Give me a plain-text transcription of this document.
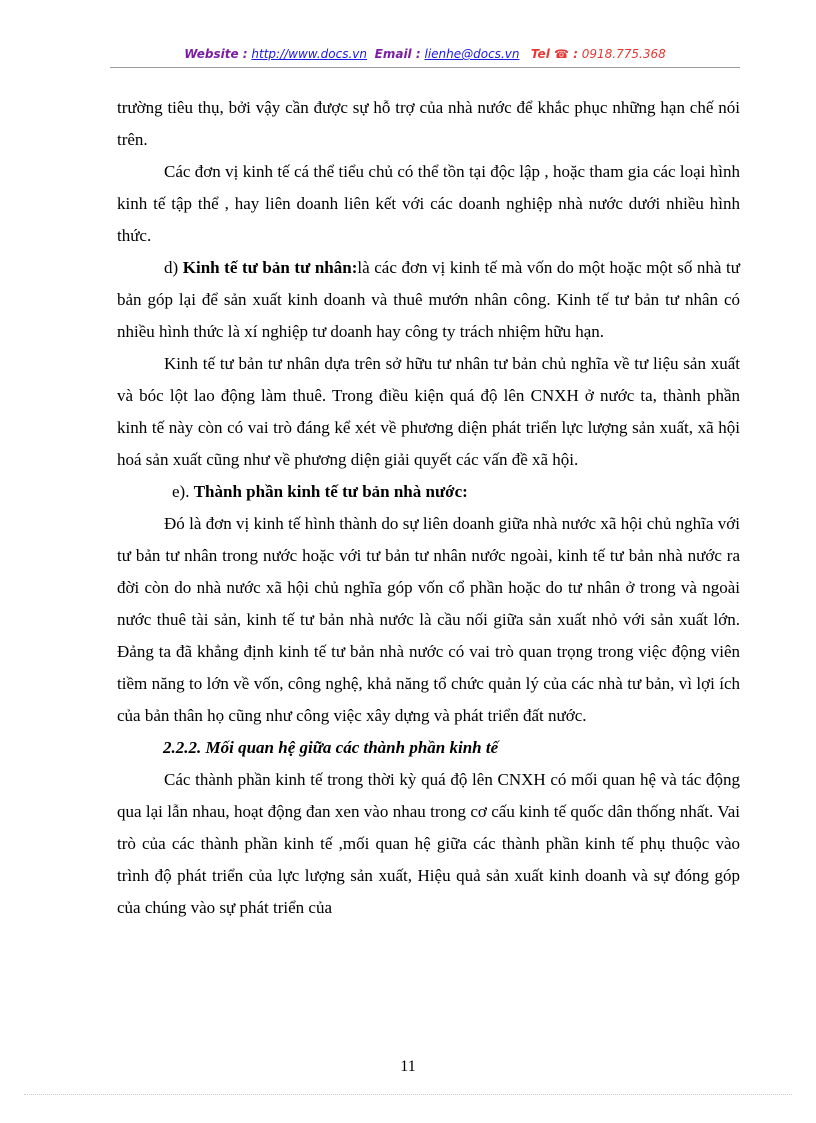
Website : http://www.docs.vn Email : lienhe@docs.vn Tel ☎ : 0918.775.368

trường tiêu thụ, bởi vậy cần được sự hỗ trợ của nhà nước để khắc phục những hạn chế nói trên.

Các đơn vị kinh tế cá thể tiểu chủ có thể tồn tại độc lập , hoặc tham gia các loại hình kinh tế tập thể , hay liên doanh liên kết với các doanh nghiệp nhà nước dưới nhiều hình thức.

d) Kinh tế tư bản tư nhân:là các đơn vị kinh tế mà vốn do một hoặc một số nhà tư bản góp lại để sản xuất kinh doanh và thuê mướn nhân công. Kinh tế tư bản tư nhân có nhiều hình thức là xí nghiệp tư doanh hay công ty trách nhiệm hữu hạn.

Kinh tế tư bản tư nhân dựa trên sở hữu tư nhân tư bản chủ nghĩa về tư liệu sản xuất và bóc lột lao động làm thuê. Trong điều kiện quá độ lên CNXH ở nước ta, thành phần kinh tế này còn có vai trò đáng kể xét về phương diện phát triển lực lượng sản xuất, xã hội hoá sản xuất cũng như về phương diện giải quyết các vấn đề xã hội.

e). Thành phần kinh tế tư bản nhà nước:

Đó là đơn vị kinh tế hình thành do sự liên doanh giữa nhà nước xã hội chủ nghĩa với tư bản tư nhân trong nước hoặc với tư bản tư nhân nước ngoài, kinh tế tư bản nhà nước ra đời còn do nhà nước xã hội chủ nghĩa góp vốn cổ phần hoặc do tư nhân ở trong và ngoài nước thuê tài sản, kinh tế tư bản nhà nước là cầu nối giữa sản xuất nhỏ với sản xuất lớn. Đảng ta đã khẳng định kinh tế tư bản nhà nước có vai trò quan trọng trong việc động viên tiềm năng to lớn về vốn, công nghệ, khả năng tổ chức quản lý của các nhà tư bản, vì lợi ích của bản thân họ cũng như công việc xây dựng và phát triển đất nước.

2.2.2. Mối quan hệ giữa các thành phần kinh tế

Các thành phần kinh tế trong thời kỳ quá độ lên CNXH có mối quan hệ và tác động qua lại lẫn nhau, hoạt động đan xen vào nhau trong cơ cấu kinh tế quốc dân thống nhất. Vai trò của các thành phần kinh tế ,mối quan hệ giữa các thành phần kinh tế phụ thuộc vào trình độ phát triển của lực lượng sản xuất, Hiệu quả sản xuất kinh doanh và sự đóng góp của chúng vào sự phát triển của

11
